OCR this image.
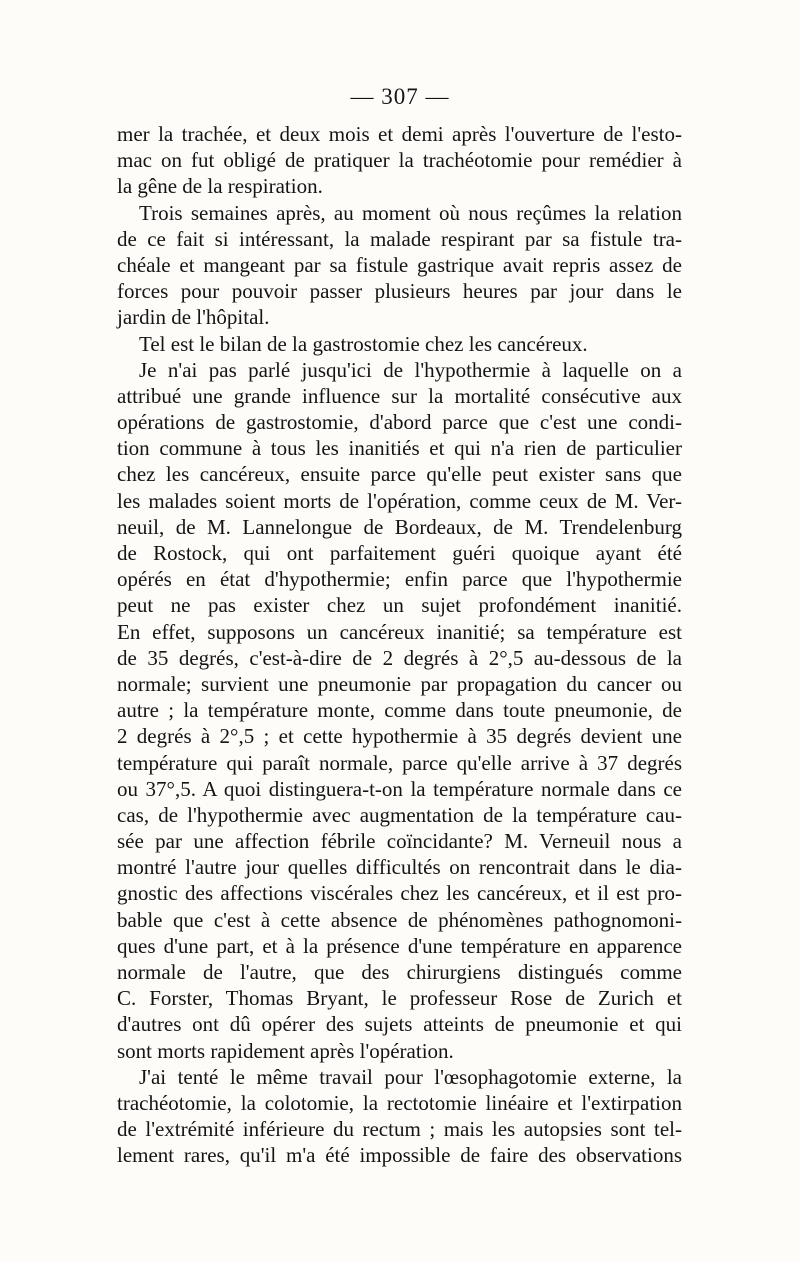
— 307 —
mer la trachée, et deux mois et demi après l'ouverture de l'esto-
mac on fut obligé de pratiquer la trachéotomie pour remédier à
la gêne de la respiration.
Trois semaines après, au moment où nous reçûmes la relation
de ce fait si intéressant, la malade respirant par sa fistule tra-
chéale et mangeant par sa fistule gastrique avait repris assez de
forces pour pouvoir passer plusieurs heures par jour dans le
jardin de l'hôpital.
Tel est le bilan de la gastrostomie chez les cancéreux.
Je n'ai pas parlé jusqu'ici de l'hypothermie à laquelle on a
attribué une grande influence sur la mortalité consécutive aux
opérations de gastrostomie, d'abord parce que c'est une condi-
tion commune à tous les inanitiés et qui n'a rien de particulier
chez les cancéreux, ensuite parce qu'elle peut exister sans que
les malades soient morts de l'opération, comme ceux de M. Ver-
neuil, de M. Lannelongue de Bordeaux, de M. Trendelenburg
de Rostock, qui ont parfaitement guéri quoique ayant été
opérés en état d'hypothermie; enfin parce que l'hypothermie
peut ne pas exister chez un sujet profondément inanitié.
En effet, supposons un cancéreux inanitié; sa température est
de 35 degrés, c'est-à-dire de 2 degrés à 2°,5 au-dessous de la
normale; survient une pneumonie par propagation du cancer ou
autre ; la température monte, comme dans toute pneumonie, de
2 degrés à 2°,5 ; et cette hypothermie à 35 degrés devient une
température qui paraît normale, parce qu'elle arrive à 37 degrés
ou 37°,5. A quoi distinguera-t-on la température normale dans ce
cas, de l'hypothermie avec augmentation de la température cau-
sée par une affection fébrile coïncidante? M. Verneuil nous a
montré l'autre jour quelles difficultés on rencontrait dans le dia-
gnostic des affections viscérales chez les cancéreux, et il est pro-
bable que c'est à cette absence de phénomènes pathognomoni-
ques d'une part, et à la présence d'une température en apparence
normale de l'autre, que des chirurgiens distingués comme
C. Forster, Thomas Bryant, le professeur Rose de Zurich et
d'autres ont dû opérer des sujets atteints de pneumonie et qui
sont morts rapidement après l'opération.
J'ai tenté le même travail pour l'œsophagotomie externe, la
trachéotomie, la colotomie, la rectotomie linéaire et l'extirpation
de l'extrémité inférieure du rectum ; mais les autopsies sont tel-
lement rares, qu'il m'a été impossible de faire des observations
